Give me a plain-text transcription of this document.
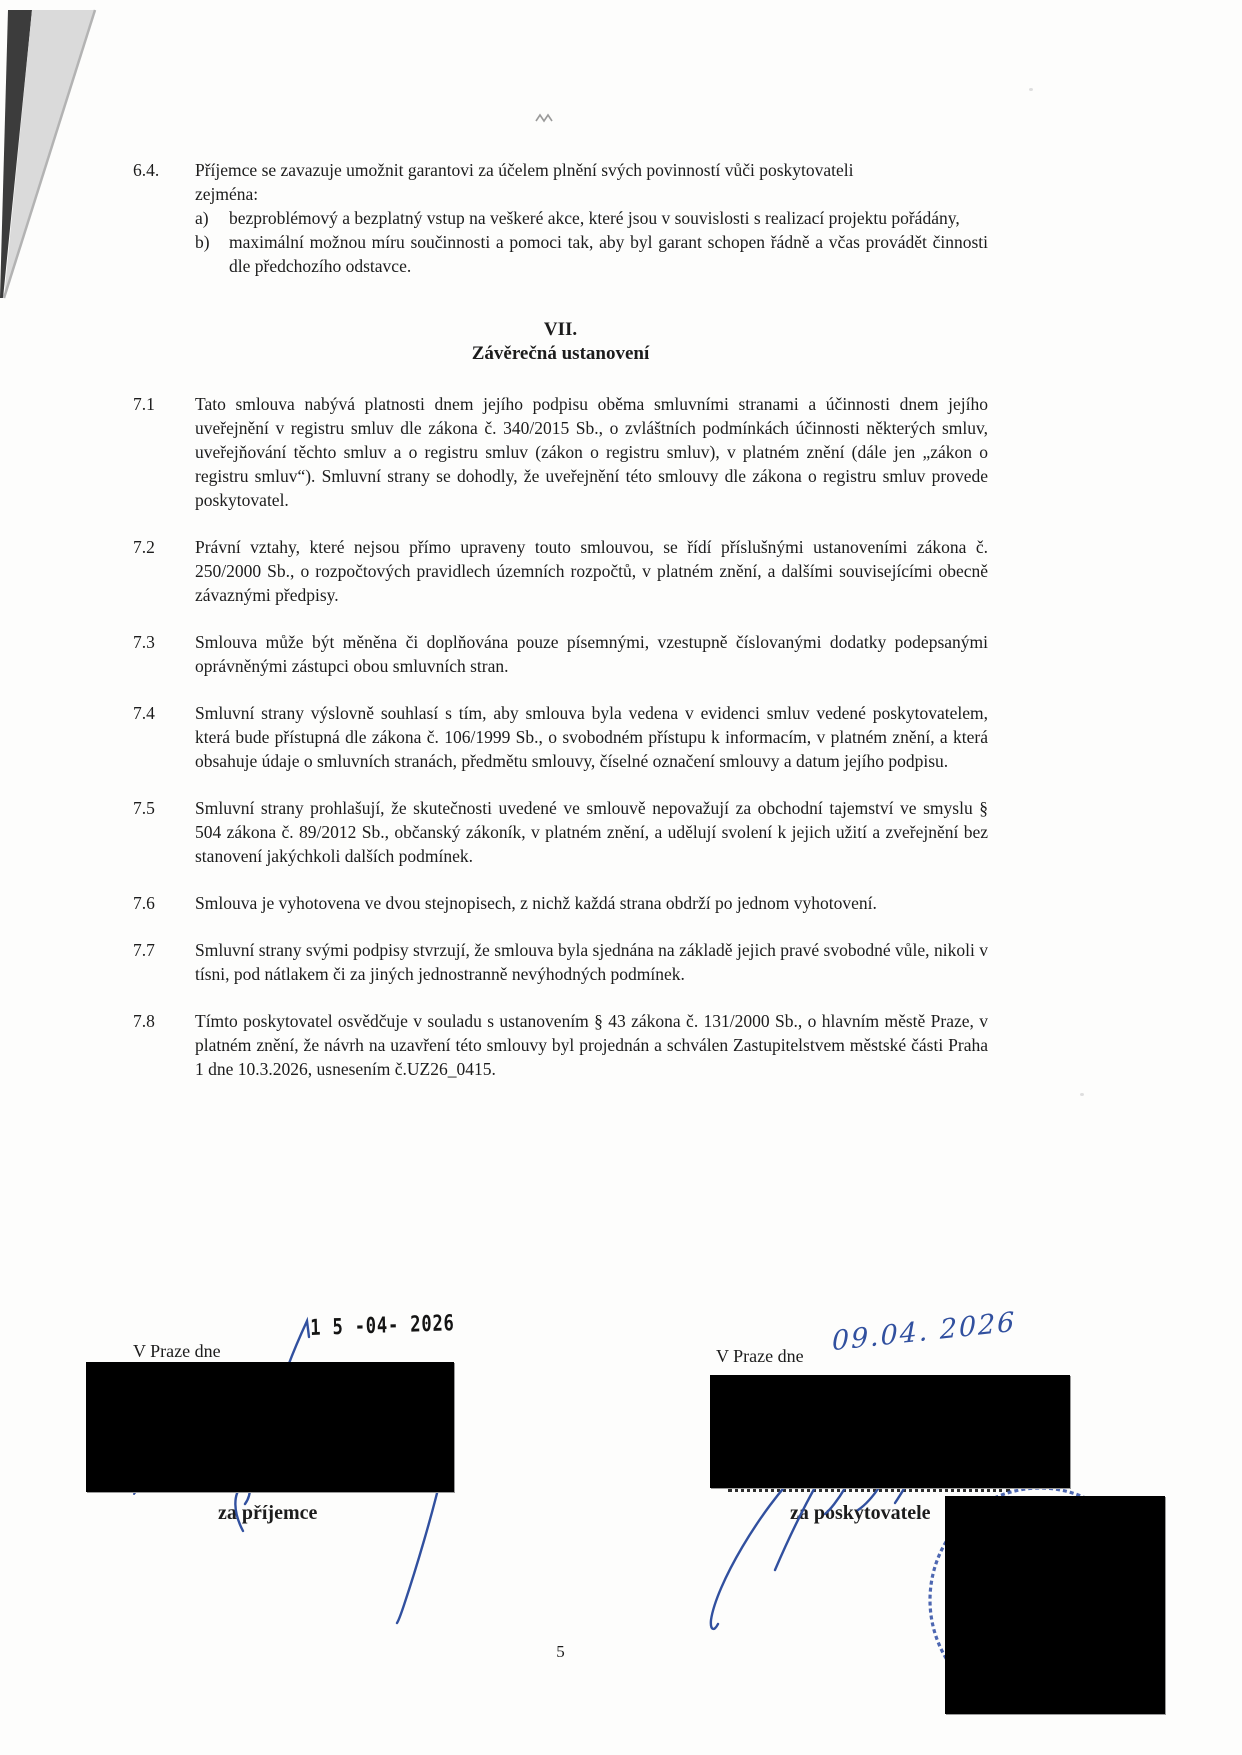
6.4.	Příjemce se zavazuje umožnit garantovi za účelem plnění svých povinností vůči poskytovateli
zejména:
a)	bezproblémový a bezplatný vstup na veškeré akce, které jsou v souvislosti s realizací projektu pořádány,
b)	maximální možnou míru součinnosti a pomoci tak, aby byl garant schopen řádně a včas provádět činnosti dle předchozího odstavce.
VII.
Závěrečná ustanovení
7.1	Tato smlouva nabývá platnosti dnem jejího podpisu oběma smluvními stranami a účinnosti dnem jejího uveřejnění v registru smluv dle zákona č. 340/2015 Sb., o zvláštních podmínkách účinnosti některých smluv, uveřejňování těchto smluv a o registru smluv (zákon o registru smluv), v platném znění (dále jen „zákon o registru smluv“). Smluvní strany se dohodly, že uveřejnění této smlouvy dle zákona o registru smluv provede poskytovatel.
7.2	Právní vztahy, které nejsou přímo upraveny touto smlouvou, se řídí příslušnými ustanoveními zákona č. 250/2000 Sb., o rozpočtových pravidlech územních rozpočtů, v platném znění, a dalšími souvisejícími obecně závaznými předpisy.
7.3	Smlouva může být měněna či doplňována pouze písemnými, vzestupně číslovanými dodatky podepsanými oprávněnými zástupci obou smluvních stran.
7.4	Smluvní strany výslovně souhlasí s tím, aby smlouva byla vedena v evidenci smluv vedené poskytovatelem, která bude přístupná dle zákona č. 106/1999 Sb., o svobodném přístupu k informacím, v platném znění, a která obsahuje údaje o smluvních stranách, předmětu smlouvy, číselné označení smlouvy a datum jejího podpisu.
7.5	Smluvní strany prohlašují, že skutečnosti uvedené ve smlouvě nepovažují za obchodní tajemství ve smyslu § 504 zákona č. 89/2012 Sb., občanský zákoník, v platném znění, a udělují svolení k jejich užití a zveřejnění bez stanovení jakýchkoli dalších podmínek.
7.6	Smlouva je vyhotovena ve dvou stejnopisech, z nichž každá strana obdrží po jednom vyhotovení.
7.7	Smluvní strany svými podpisy stvrzují, že smlouva byla sjednána na základě jejich pravé svobodné vůle, nikoli v tísni, pod nátlakem či za jiných jednostranně nevýhodných podmínek.
7.8	Tímto poskytovatel osvědčuje v souladu s ustanovením § 43 zákona č. 131/2000 Sb., o hlavním městě Praze, v platném znění, že návrh na uzavření této smlouvy byl projednán a schválen Zastupitelstvem městské části Praha 1 dne 10.3.2026, usnesením č.UZ26_0415.
V Praze dne
1 5 -04- 2026
za příjemce
V Praze dne 09.04. 2026
za poskytovatele
5
